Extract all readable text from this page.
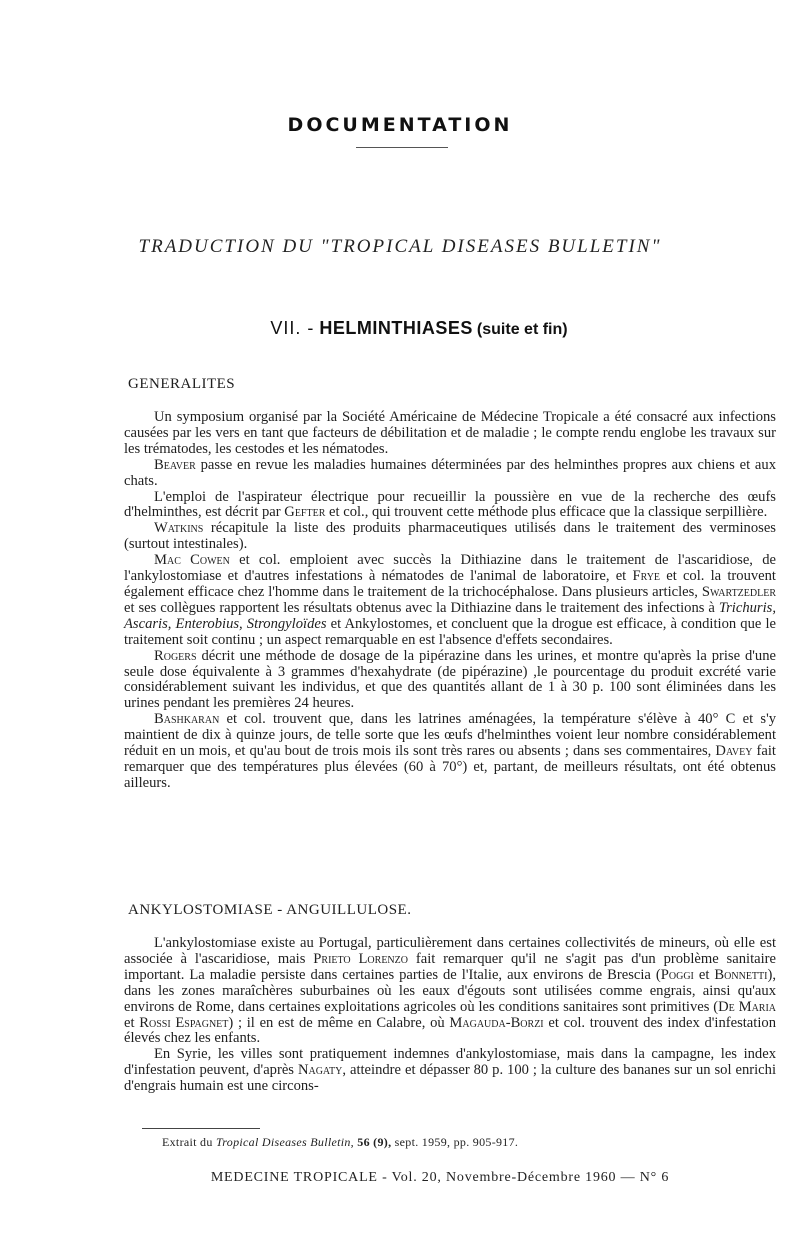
DOCUMENTATION
TRADUCTION DU "TROPICAL DISEASES BULLETIN"
VII. - HELMINTHIASES (suite et fin)
GENERALITES

Un symposium organisé par la Société Américaine de Médecine Tropicale a été consacré aux infections causées par les vers en tant que facteurs de débilitation et de maladie ; le compte rendu englobe les travaux sur les trématodes, les cestodes et les nématodes.

Beaver passe en revue les maladies humaines déterminées par des helminthes propres aux chiens et aux chats.

L'emploi de l'aspirateur électrique pour recueillir la poussière en vue de la recherche des œufs d'helminthes, est décrit par Gefter et col., qui trouvent cette méthode plus efficace que la classique serpillière.

Watkins récapitule la liste des produits pharmaceutiques utilisés dans le traitement des verminoses (surtout intestinales).

Mac Cowen et col. emploient avec succès la Dithiazine dans le traitement de l'ascaridiose, de l'ankylostomiase et d'autres infestations à nématodes de l'animal de laboratoire, et Frye et col. la trouvent également efficace chez l'homme dans le traitement de la trichocéphalose. Dans plusieurs articles, Swartzedler et ses collègues rapportent les résultats obtenus avec la Dithiazine dans le traitement des infections à Trichuris, Ascaris, Enterobius, Strongyloïdes et Ankylostomes, et concluent que la drogue est efficace, à condition que le traitement soit continu ; un aspect remarquable en est l'absence d'effets secondaires.

Rogers décrit une méthode de dosage de la pipérazine dans les urines, et montre qu'après la prise d'une seule dose équivalente à 3 grammes d'hexahydrate (de pipérazine) ,le pourcentage du produit excrété varie considérablement suivant les individus, et que des quantités allant de 1 à 30 p. 100 sont éliminées dans les urines pendant les premières 24 heures.

Bashkaran et col. trouvent que, dans les latrines aménagées, la température s'élève à 40° C et s'y maintient de dix à quinze jours, de telle sorte que les œufs d'helminthes voient leur nombre considérablement réduit en un mois, et qu'au bout de trois mois ils sont très rares ou absents ; dans ses commentaires, Davey fait remarquer que des températures plus élevées (60 à 70°) et, partant, de meilleurs résultats, ont été obtenus ailleurs.

ANKYLOSTOMIASE - ANGUILLULOSE.

L'ankylostomiase existe au Portugal, particulièrement dans certaines collectivités de mineurs, où elle est associée à l'ascaridiose, mais Prieto Lorenzo fait remarquer qu'il ne s'agit pas d'un problème sanitaire important. La maladie persiste dans certaines parties de l'Italie, aux environs de Brescia (Poggi et Bonnetti), dans les zones maraîchères suburbaines où les eaux d'égouts sont utilisées comme engrais, ainsi qu'aux environs de Rome, dans certaines exploitations agricoles où les conditions sanitaires sont primitives (De Maria et Rossi Espagnet) ; il en est de même en Calabre, où Magauda-Borzi et col. trouvent des index d'infestation élevés chez les enfants.

En Syrie, les villes sont pratiquement indemnes d'ankylostomiase, mais dans la campagne, les index d'infestation peuvent, d'après Nagaty, atteindre et dépasser 80 p. 100 ; la culture des bananes sur un sol enrichi d'engrais humain est une circons-

Extrait du Tropical Diseases Bulletin, 56 (9), sept. 1959, pp. 905-917.
MEDECINE TROPICALE - Vol. 20, Novembre-Décembre 1960 — N° 6
